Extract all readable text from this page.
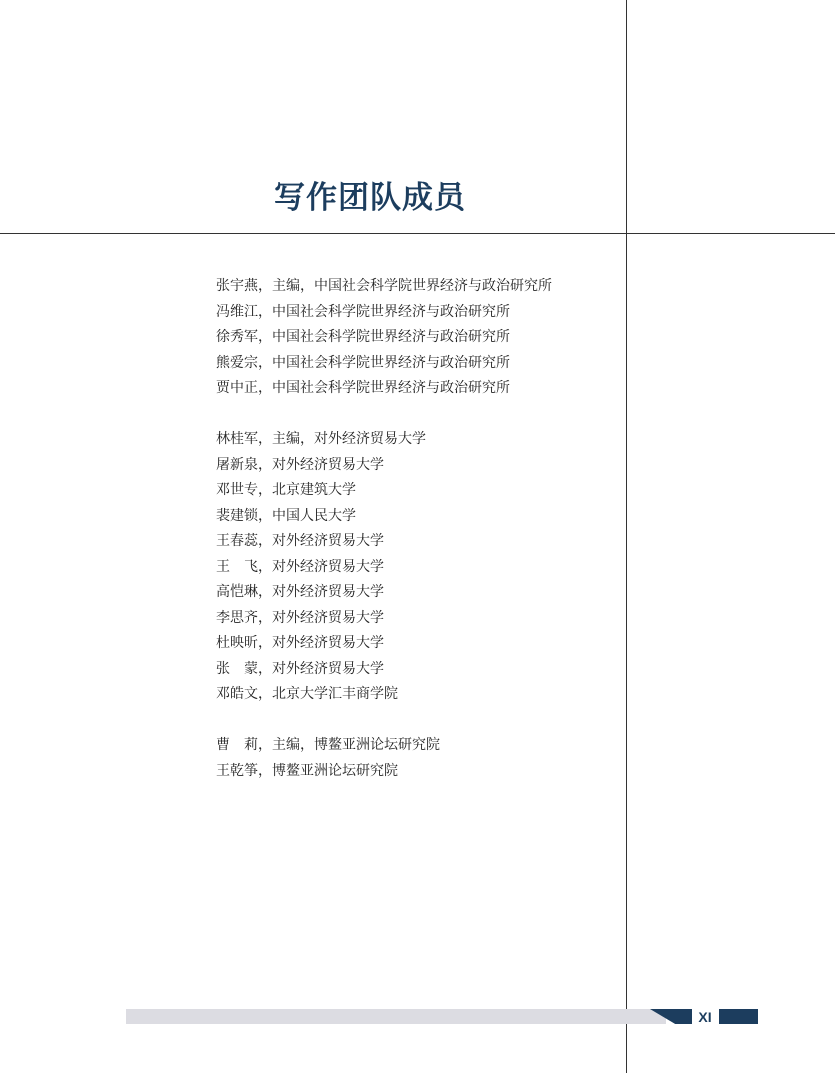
写作团队成员
张宇燕，主编，中国社会科学院世界经济与政治研究所
冯维江，中国社会科学院世界经济与政治研究所
徐秀军，中国社会科学院世界经济与政治研究所
熊爱宗，中国社会科学院世界经济与政治研究所
贾中正，中国社会科学院世界经济与政治研究所
林桂军，主编，对外经济贸易大学
屠新泉，对外经济贸易大学
邓世专，北京建筑大学
裴建锁，中国人民大学
王春蕊，对外经济贸易大学
王　飞，对外经济贸易大学
高恺琳，对外经济贸易大学
李思齐，对外经济贸易大学
杜映昕，对外经济贸易大学
张　蒙，对外经济贸易大学
邓皓文，北京大学汇丰商学院
曹　莉，主编，博鳌亚洲论坛研究院
王乾筝，博鳌亚洲论坛研究院
XI
